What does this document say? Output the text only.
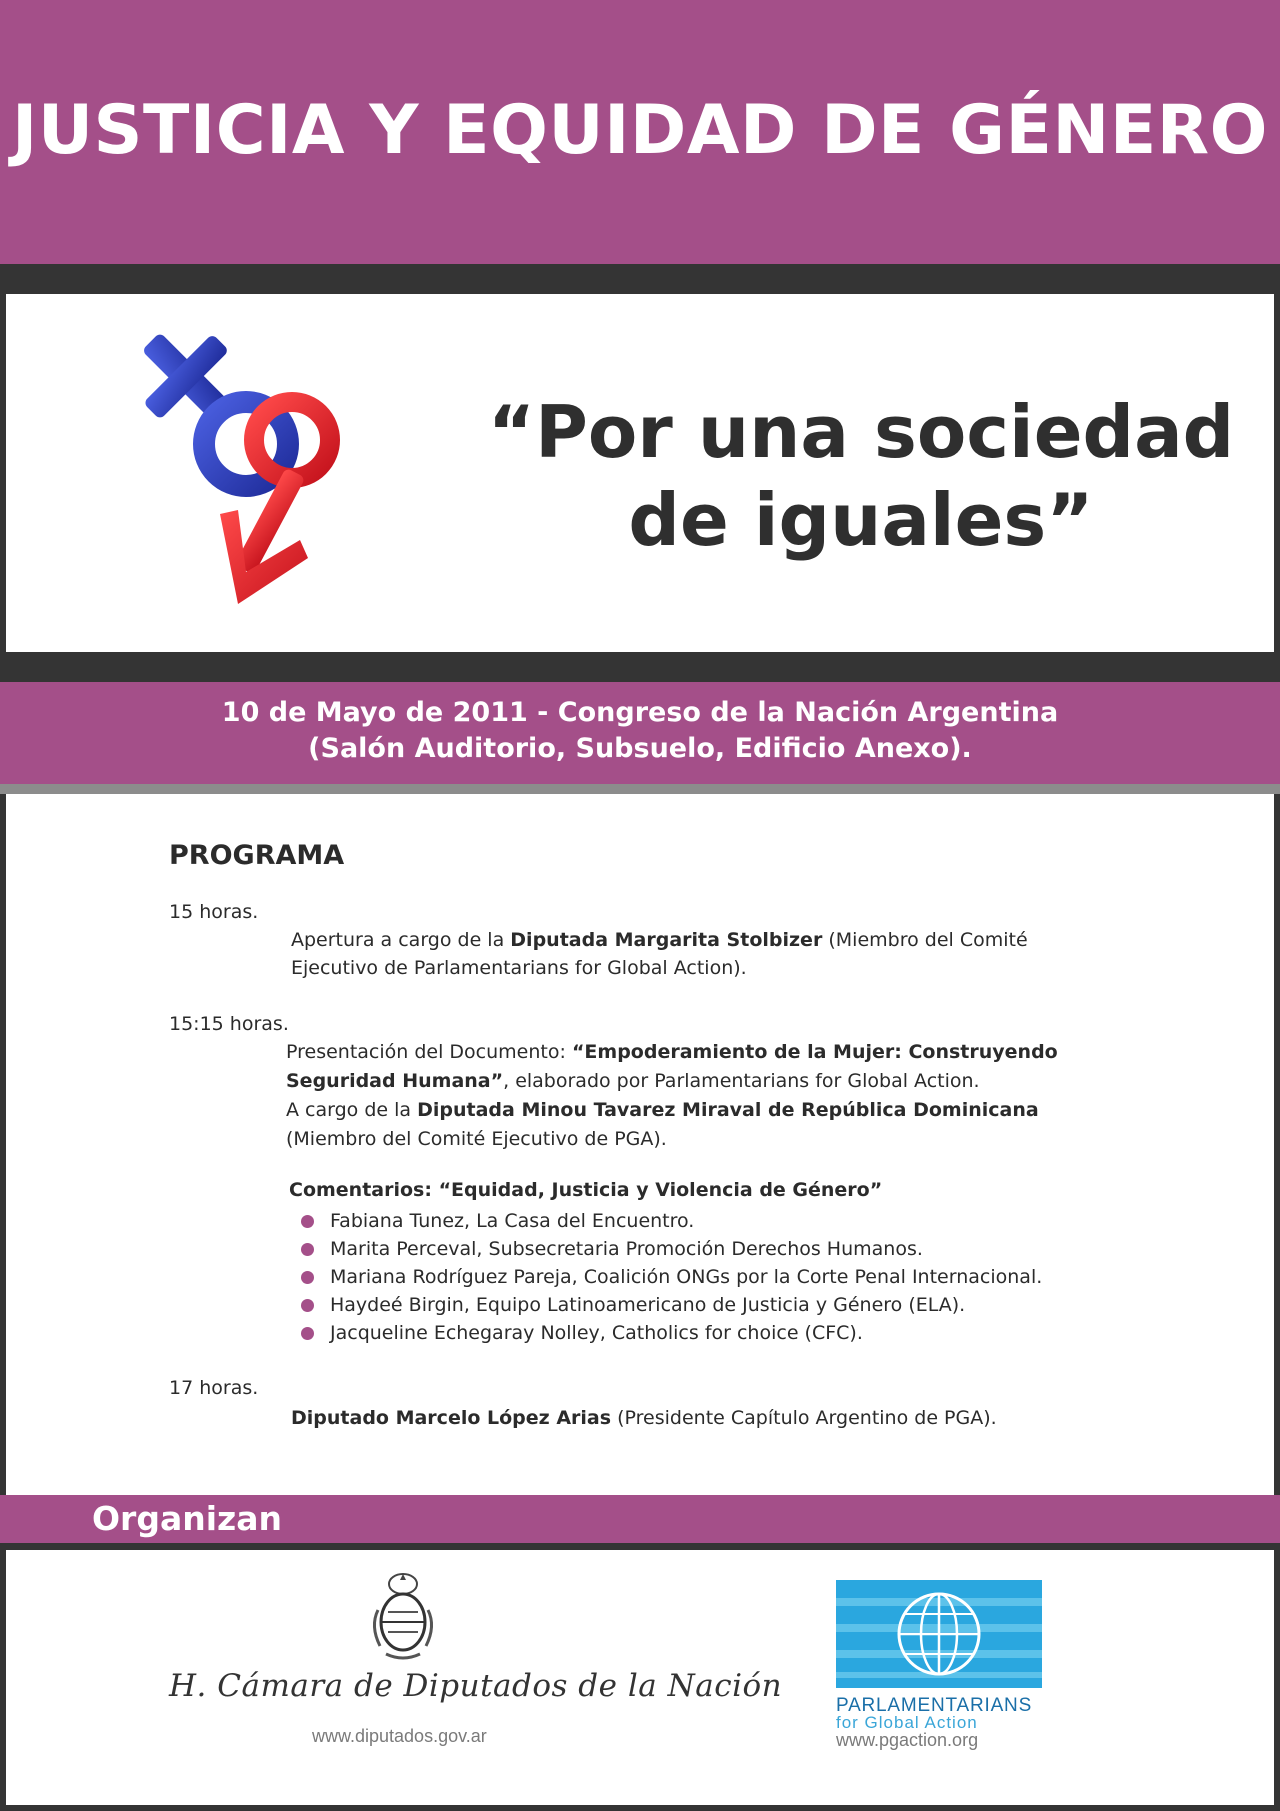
JUSTICIA Y EQUIDAD DE GÉNERO
“Por una sociedad
de iguales”
10 de Mayo de 2011 - Congreso de la Nación Argentina
(Salón Auditorio, Subsuelo, Edificio Anexo).
PROGRAMA
15 horas.
Apertura a cargo de la Diputada Margarita Stolbizer (Miembro del Comité
Ejecutivo de Parlamentarians for Global Action).
15:15 horas.
Presentación del Documento: “Empoderamiento de la Mujer: Construyendo
Seguridad Humana”, elaborado por Parlamentarians for Global Action.
A cargo de la Diputada Minou Tavarez Miraval de República Dominicana
(Miembro del Comité Ejecutivo de PGA).
Comentarios: “Equidad, Justicia y Violencia de Género”
Fabiana Tunez, La Casa del Encuentro.
Marita Perceval, Subsecretaria Promoción Derechos Humanos.
Mariana Rodríguez Pareja, Coalición ONGs por la Corte Penal Internacional.
Haydeé Birgin, Equipo Latinoamericano de Justicia y Género (ELA).
Jacqueline Echegaray Nolley, Catholics for choice (CFC).
17 horas.
Diputado Marcelo López Arias (Presidente Capítulo Argentino de PGA).
Organizan
H. Cámara de Diputados de la Nación
www.diputados.gov.ar
PARLAMENTARIANS
for Global Action
www.pgaction.org
